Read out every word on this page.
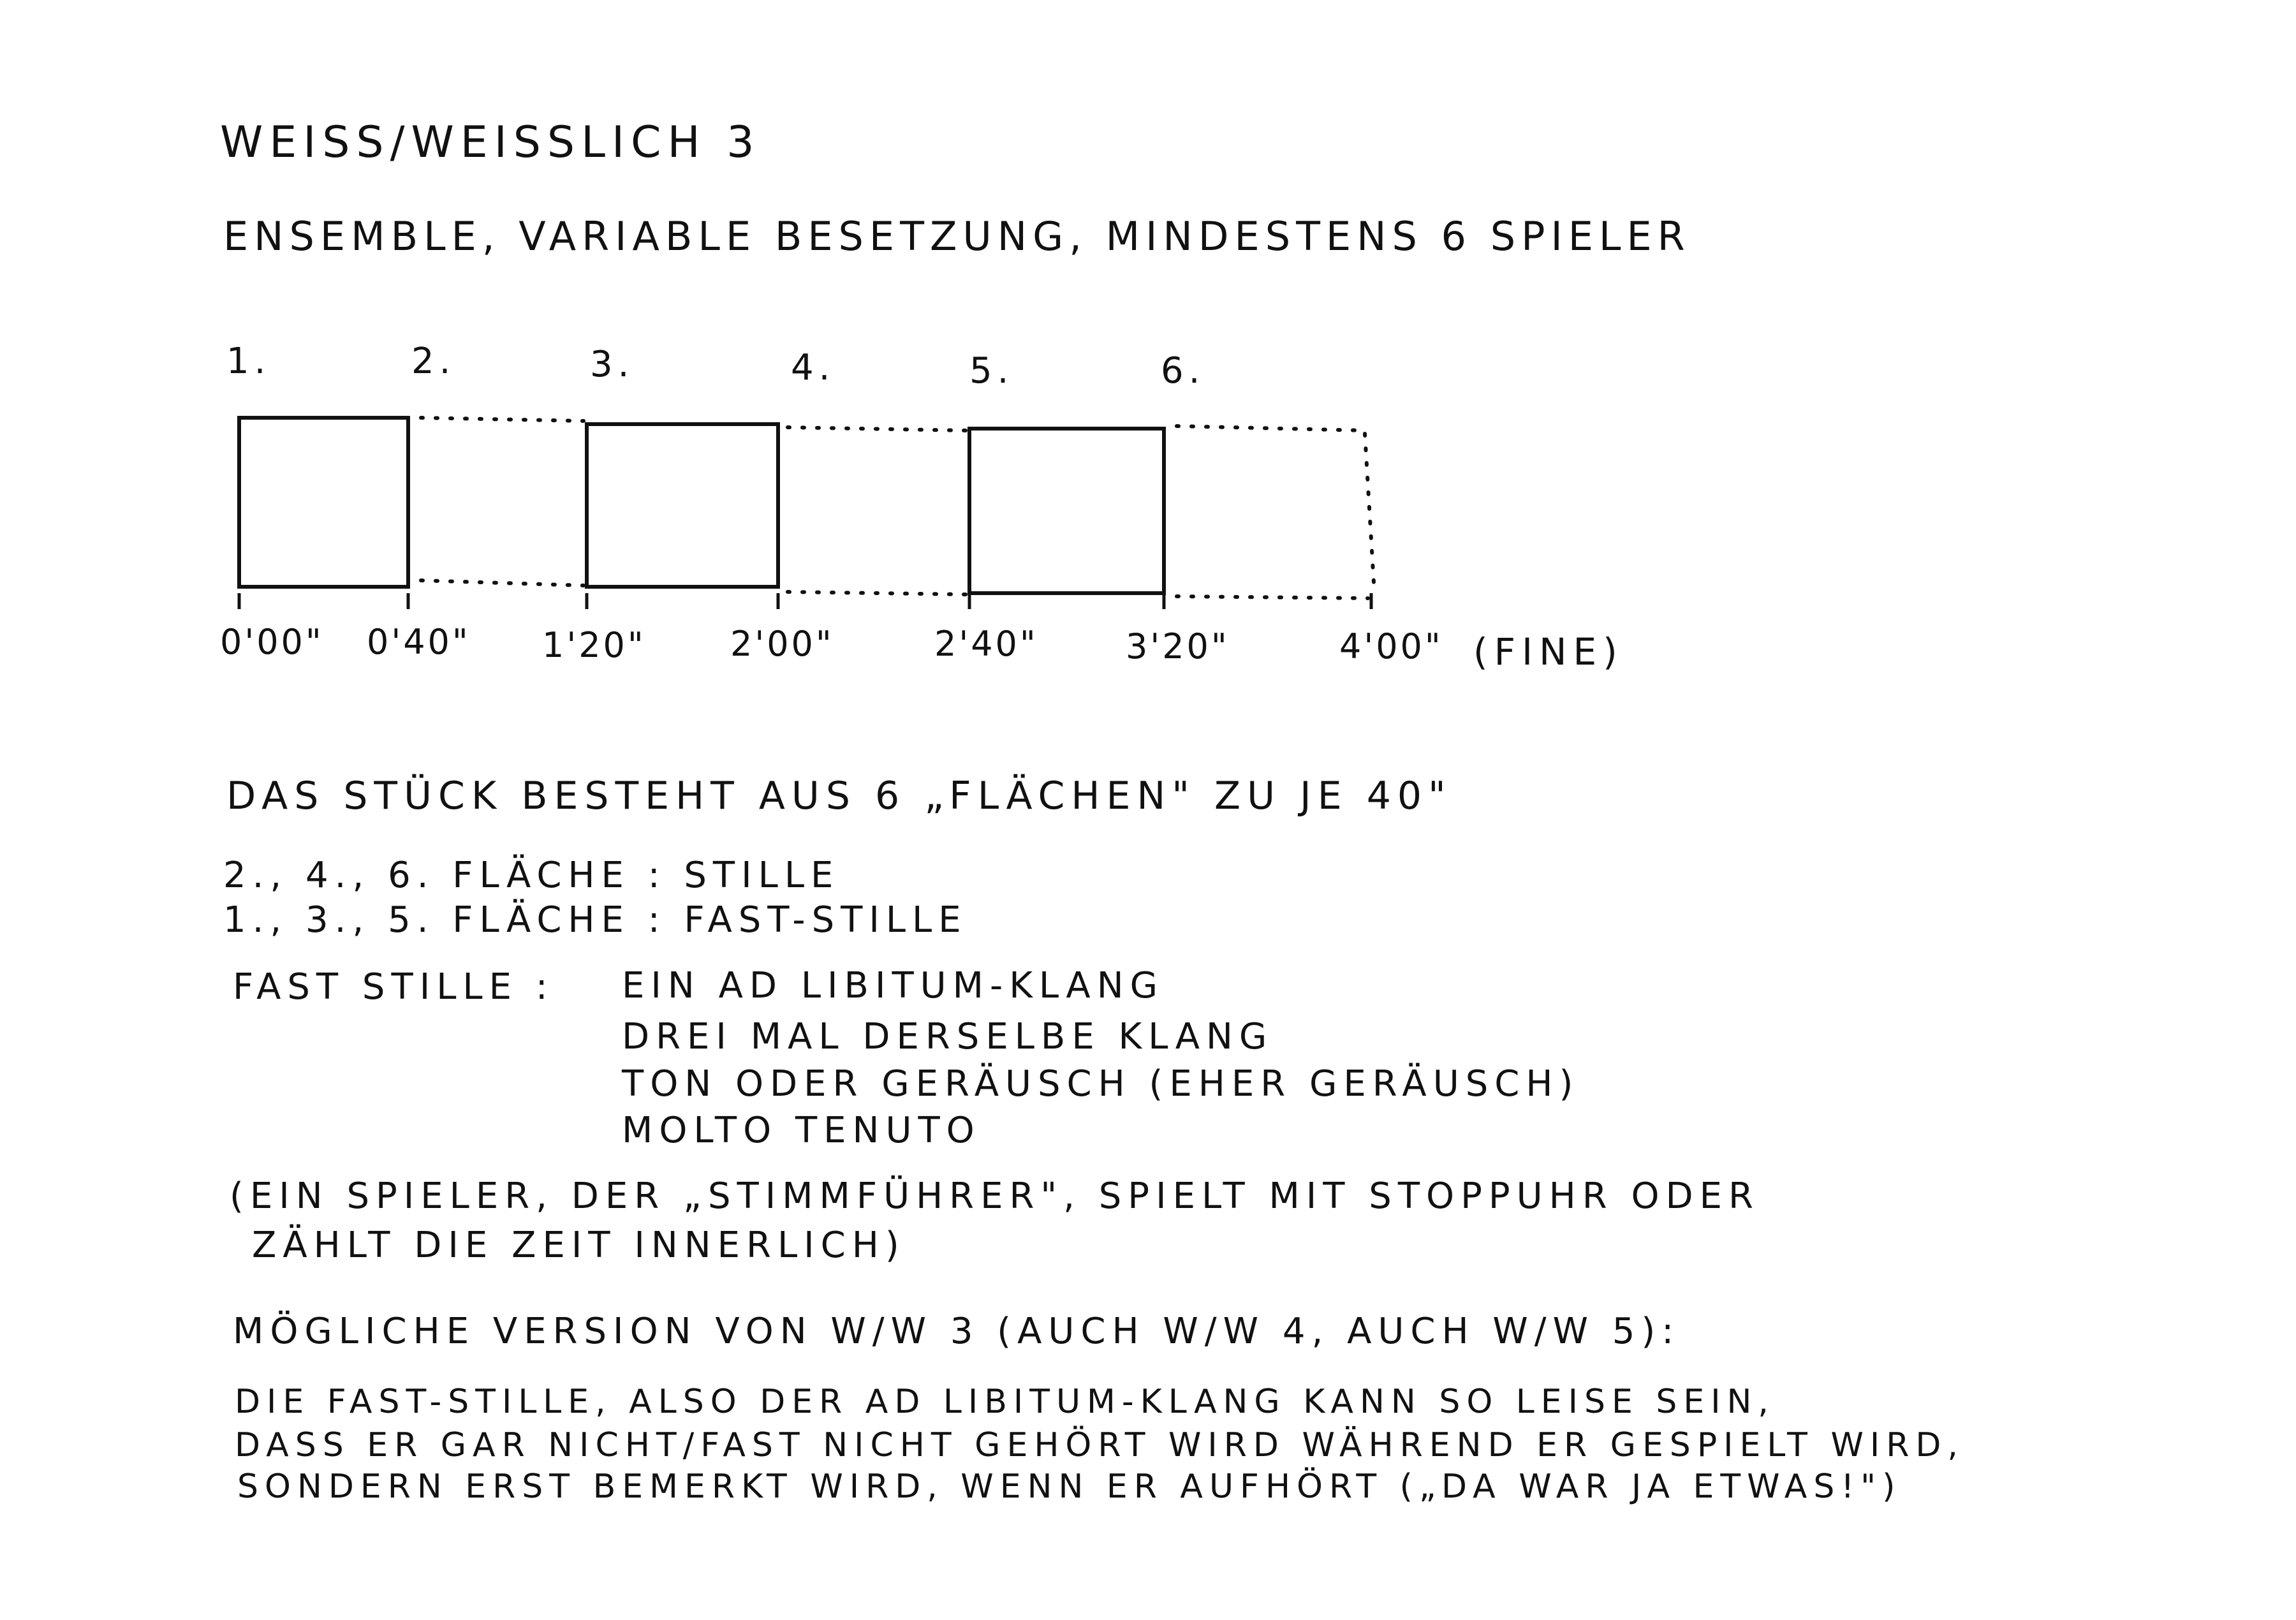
WEISS/WEISSLICH 3
ENSEMBLE, VARIABLE BESETZUNG, MINDESTENS 6 SPIELER
1.	2.	3.	4.	5.	6.
0'00" 0'40" 1'20" 2'00"	2'40"	3'20"	4'00" (FINE)
DAS STÜCK BESTEHT AUS 6 „FLÄCHEN" ZU JE 40"
2., 4., 6. FLÄCHE : STILLE
1., 3., 5. FLÄCHE : FAST-STILLE
FAST STILLE : EIN AD LIBITUM-KLANG
DREI MAL DERSELBE KLANG
TON ODER GERÄUSCH (EHER GERÄUSCH)
MOLTO TENUTO
(EIN SPIELER, DER „STIMMFÜHRER", SPIELT MIT STOPPUHR ODER
ZÄHLT DIE ZEIT INNERLICH)
MÖGLICHE VERSION VON W/W 3 (AUCH W/W 4, AUCH W/W 5):
DIE FAST-STILLE, ALSO DER AD LIBITUM-KLANG KANN SO LEISE SEIN,
DASS ER GAR NICHT/FAST NICHT GEHÖRT WIRD WÄHREND ER GESPIELT WIRD,
SONDERN ERST BEMERKT WIRD, WENN ER AUFHÖRT („DA WAR JA ETWAS!")
